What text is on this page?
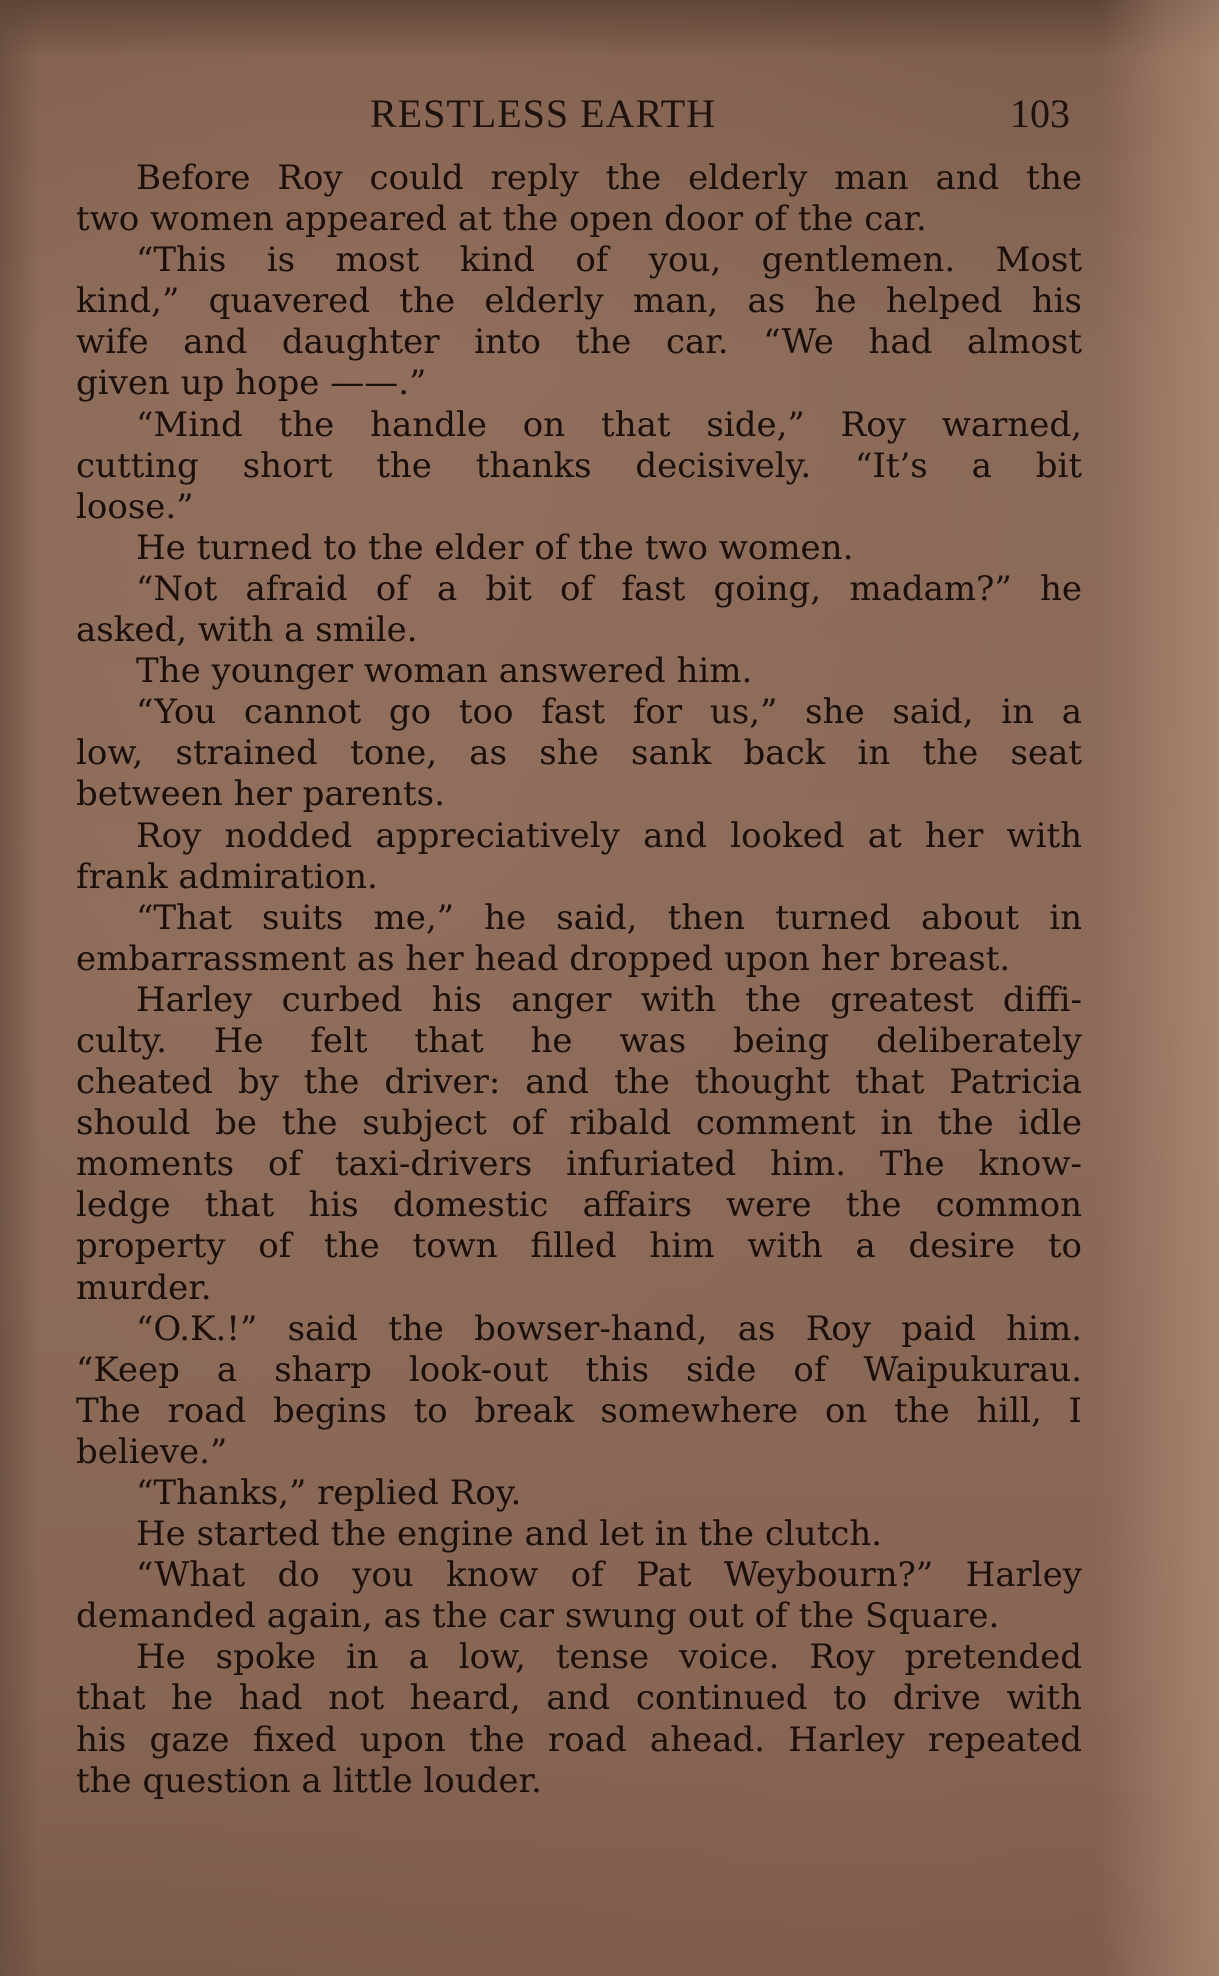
RESTLESS EARTH	103
Before Roy could reply the elderly man and the
two women appeared at the open door of the car.
“This is most kind of you, gentlemen. Most
kind,” quavered the elderly man, as he helped his
wife and daughter into the car. “We had almost
given up hope ——.”
“Mind the handle on that side,” Roy warned,
cutting short the thanks decisively. “It’s a bit
loose.”
He turned to the elder of the two women.
“Not afraid of a bit of fast going, madam?” he
asked, with a smile.
The younger woman answered him.
“You cannot go too fast for us,” she said, in a
low, strained tone, as she sank back in the seat
between her parents.
Roy nodded appreciatively and looked at her with
frank admiration.
“That suits me,” he said, then turned about in
embarrassment as her head dropped upon her breast.
Harley curbed his anger with the greatest diffi-
culty. He felt that he was being deliberately
cheated by the driver: and the thought that Patricia
should be the subject of ribald comment in the idle
moments of taxi-drivers infuriated him. The know-
ledge that his domestic affairs were the common
property of the town filled him with a desire to
murder.
“O.K.!” said the bowser-hand, as Roy paid him.
“Keep a sharp look-out this side of Waipukurau.
The road begins to break somewhere on the hill, I
believe.”
“Thanks,” replied Roy.
He started the engine and let in the clutch.
“What do you know of Pat Weybourn?” Harley
demanded again, as the car swung out of the Square.
He spoke in a low, tense voice. Roy pretended
that he had not heard, and continued to drive with
his gaze fixed upon the road ahead. Harley repeated
the question a little louder.
